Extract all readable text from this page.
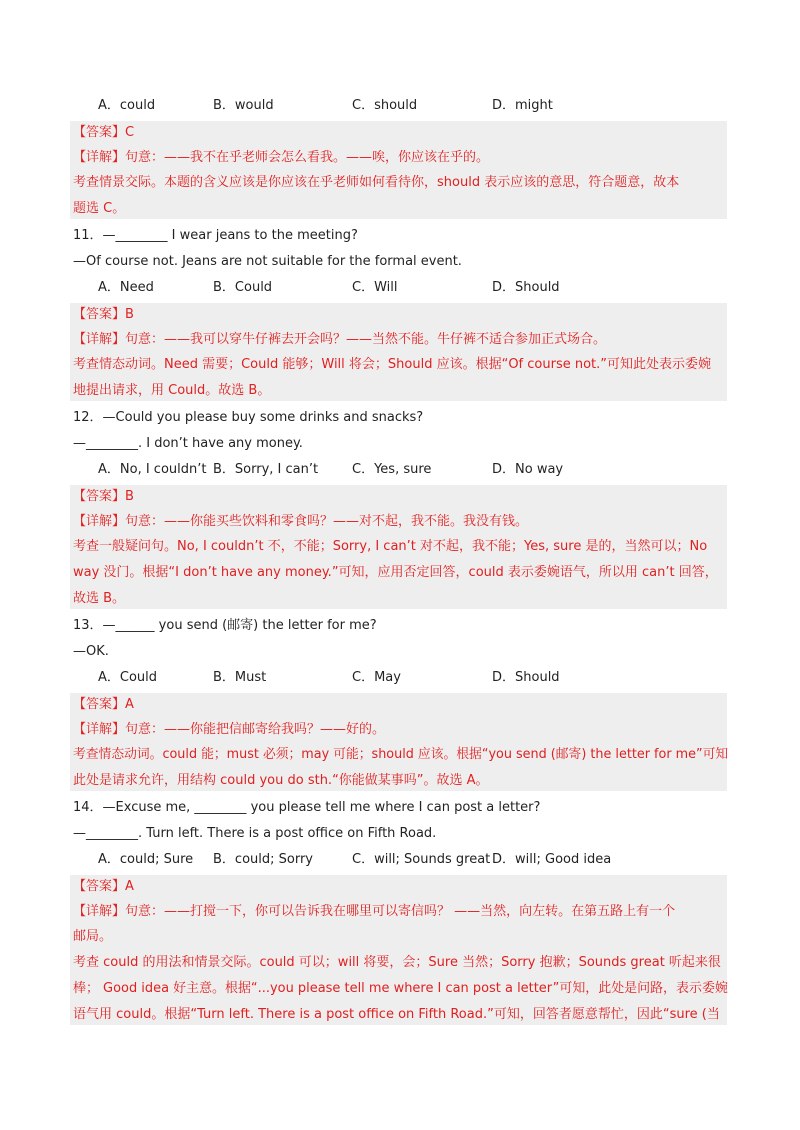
A．could	B．would	C．should	D．might
【答案】C
【详解】句意：——我不在乎老师会怎么看我。——唉，你应该在乎的。
考查情景交际。本题的含义应该是你应该在乎老师如何看待你，should 表示应该的意思，符合题意，故本
题选 C。
11．—________ I wear jeans to the meeting?
—Of course not. Jeans are not suitable for the formal event.
A．Need	B．Could	C．Will	D．Should
【答案】B
【详解】句意：——我可以穿牛仔裤去开会吗？——当然不能。牛仔裤不适合参加正式场合。
考查情态动词。Need 需要；Could 能够；Will 将会；Should 应该。根据“Of course not.”可知此处表示委婉
地提出请求，用 Could。故选 B。
12．—Could you please buy some drinks and snacks?
—________. I don’t have any money.
A．No, I couldn’t B．Sorry, I can’t	C．Yes, sure	D．No way
【答案】B
【详解】句意：——你能买些饮料和零食吗？——对不起，我不能。我没有钱。
考查一般疑问句。No, I couldn’t 不，不能；Sorry, I can’t 对不起，我不能；Yes, sure 是的，当然可以；No
way 没门。根据“I don’t have any money.”可知，应用否定回答，could 表示委婉语气，所以用 can’t 回答，
故选 B。
13．—______ you send (邮寄) the letter for me?
—OK.
A．Could	B．Must	C．May	D．Should
【答案】A
【详解】句意：——你能把信邮寄给我吗？——好的。
考查情态动词。could 能；must 必须；may 可能；should 应该。根据“you send (邮寄) the letter for me”可知
此处是请求允许，用结构 could you do sth.“你能做某事吗”。故选 A。
14．—Excuse me, ________ you please tell me where I can post a letter?
—________. Turn left. There is a post office on Fifth Road.
A．could; Sure B．could; Sorry	C．will; Sounds great D．will; Good idea
【答案】A
【详解】句意：——打搅一下，你可以告诉我在哪里可以寄信吗？ ——当然，向左转。在第五路上有一个
邮局。
考查 could 的用法和情景交际。could 可以；will 将要，会；Sure 当然；Sorry 抱歉；Sounds great 听起来很
棒； Good idea 好主意。根据“...you please tell me where I can post a letter”可知，此处是问路，表示委婉
语气用 could。根据“Turn left. There is a post office on Fifth Road.”可知，回答者愿意帮忙，因此“sure (当
